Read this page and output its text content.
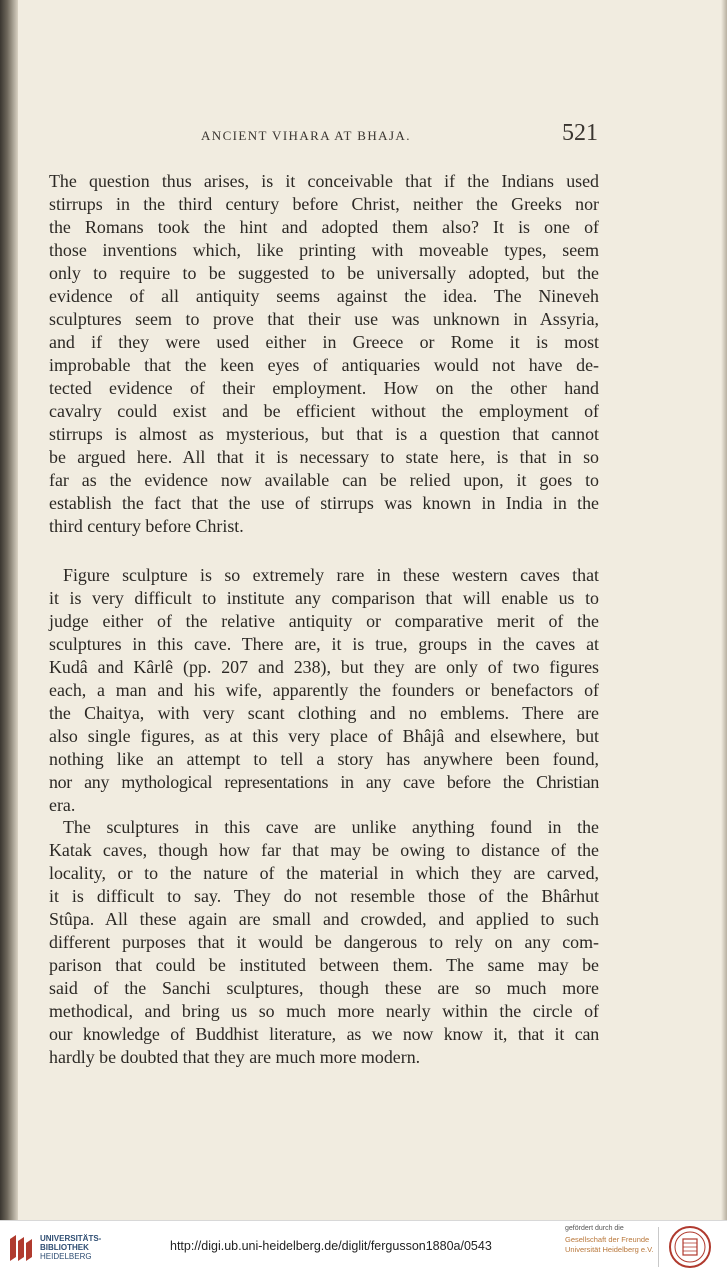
ANCIENT VIHARA AT BHAJA.	521
The question thus arises, is it conceivable that if the Indians used
stirrups in the third century before Christ, neither the Greeks nor
the Romans took the hint and adopted them also? It is one of
those inventions which, like printing with moveable types, seem
only to require to be suggested to be universally adopted, but the
evidence of all antiquity seems against the idea. The Nineveh
sculptures seem to prove that their use was unknown in Assyria,
and if they were used either in Greece or Rome it is most
improbable that the keen eyes of antiquaries would not have de-
tected evidence of their employment. How on the other hand
cavalry could exist and be efficient without the employment of
stirrups is almost as mysterious, but that is a question that cannot
be argued here. All that it is necessary to state here, is that in so
far as the evidence now available can be relied upon, it goes to
establish the fact that the use of stirrups was known in India in the
third century before Christ.
Figure sculpture is so extremely rare in these western caves that
it is very difficult to institute any comparison that will enable us to
judge either of the relative antiquity or comparative merit of the
sculptures in this cave. There are, it is true, groups in the caves at
Kudâ and Kârlê (pp. 207 and 238), but they are only of two figures
each, a man and his wife, apparently the founders or benefactors of
the Chaitya, with very scant clothing and no emblems. There are
also single figures, as at this very place of Bhâjâ and elsewhere, but
nothing like an attempt to tell a story has anywhere been found,
nor any mythological representations in any cave before the Christian
era.
The sculptures in this cave are unlike anything found in the
Katak caves, though how far that may be owing to distance of the
locality, or to the nature of the material in which they are carved,
it is difficult to say. They do not resemble those of the Bhârhut
Stûpa. All these again are small and crowded, and applied to such
different purposes that it would be dangerous to rely on any com-
parison that could be instituted between them. The same may be
said of the Sanchi sculptures, though these are so much more
methodical, and bring us so much more nearly within the circle of
our knowledge of Buddhist literature, as we now know it, that it can
hardly be doubted that they are much more modern.
UNIVERSITÄTS-
BIBLIOTHEK
HEIDELBERG
http://digi.ub.uni-heidelberg.de/diglit/fergusson1880a/0543
gefördert durch die
Gesellschaft der Freunde
Universität Heidelberg e.V.
